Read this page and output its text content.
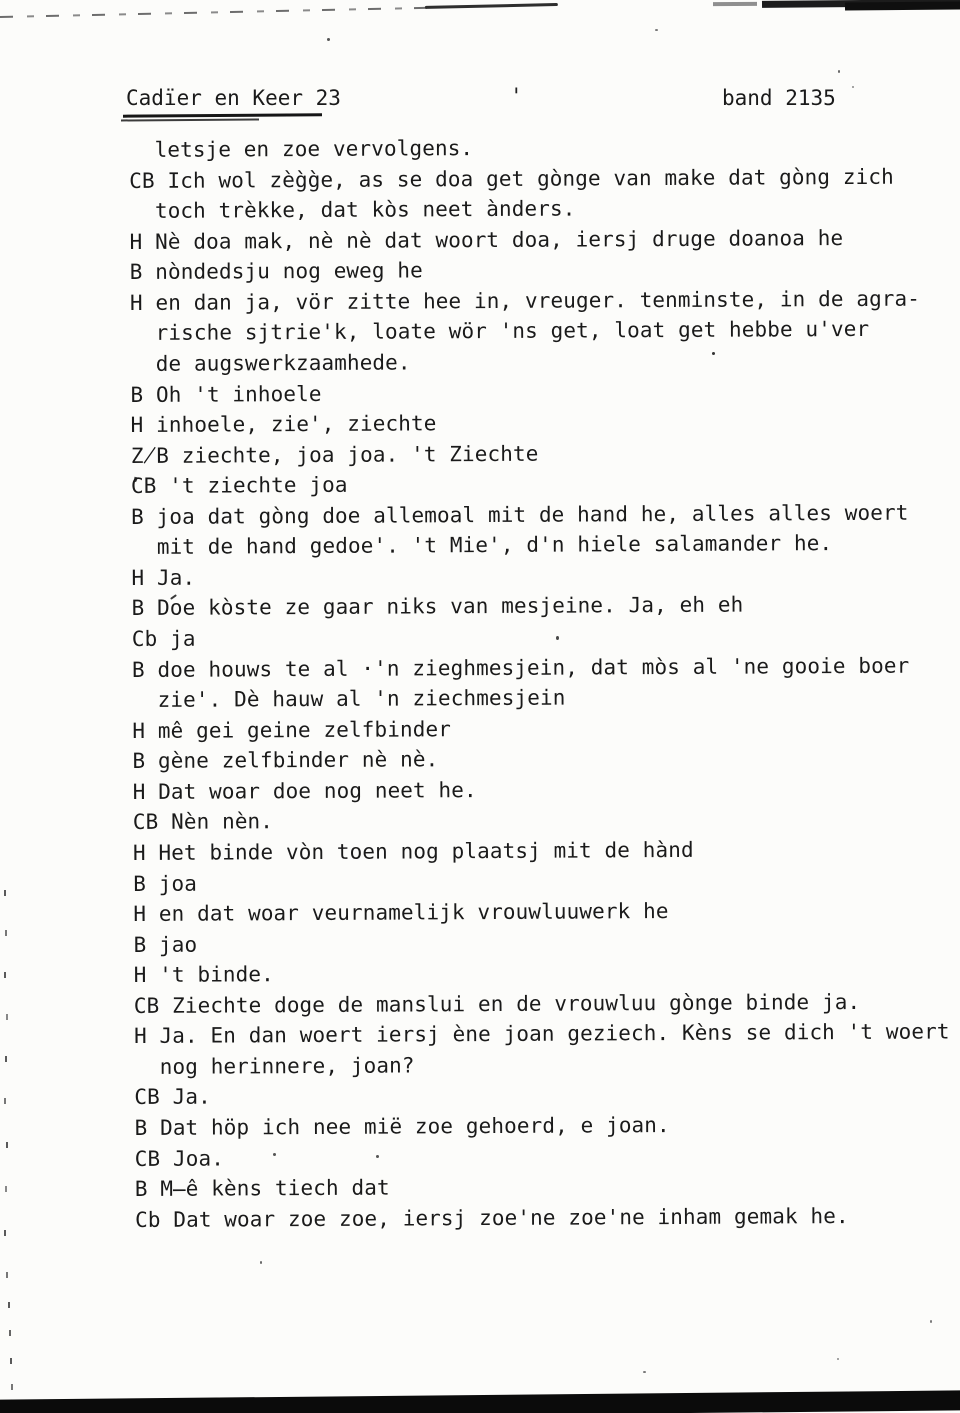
Cadïer en Keer 23	'	band 2135
letsje en zoe vervolgens.
CB Ich wol zèg̀g̀e, as se doa get gònge van make dat gòng zich
toch trèkke, dat kòs neet ànders.
H Nè doa mak, nè nè dat woort doa, iersj druge doanoa he
B nòndedsju nog eweg he
H en dan ja, vör zitte hee in, vreuger. tenminste, in de agra-
rische sjtrie'k, loate wör 'ns get, loat get hebbe u'ver
de augswerkzaamhede.
B Oh 't inhoele
H inhoele, zie', ziechte
Z̸B ziechte, joa joa. 't Ziechte
CB 't ziechte joa
B joa dat gòng doe allemoal mit de hand he, alles alles woert
mit de hand gedoe'. 't Mie', d'n hiele salamander he.
H Ja.
B Doe kòste ze gaar niks van mesjeine. Ja, eh eh
Cb ja
B doe houws te al ·'n zieghmesjein, dat mòs al 'ne gooie boer
zie'. Dè hauw al 'n ziechmesjein
H mê gei geine zelfbinder
B gène zelfbinder nè nè.
H Dat woar doe nog neet he.
CB Nèn nèn.
H Het binde vòn toen nog plaatsj mit de hànd
B joa
H en dat woar veurnamelijk vrouwluuwerk he
B jao
H 't binde.
CB Ziechte doge de manslui en de vrouwluu gònge binde ja.
H Ja. En dan woert iersj ène joan geziech. Kèns se dich 't woert
nog herinnere, joan?
CB Ja.
B Dat höp ich nee mië zoe gehoerd, e joan.
CB Joa.
B M̶ê kèns tiech dat
Cb Dat woar zoe zoe, iersj zoe'ne zoe'ne inham gemak he.
